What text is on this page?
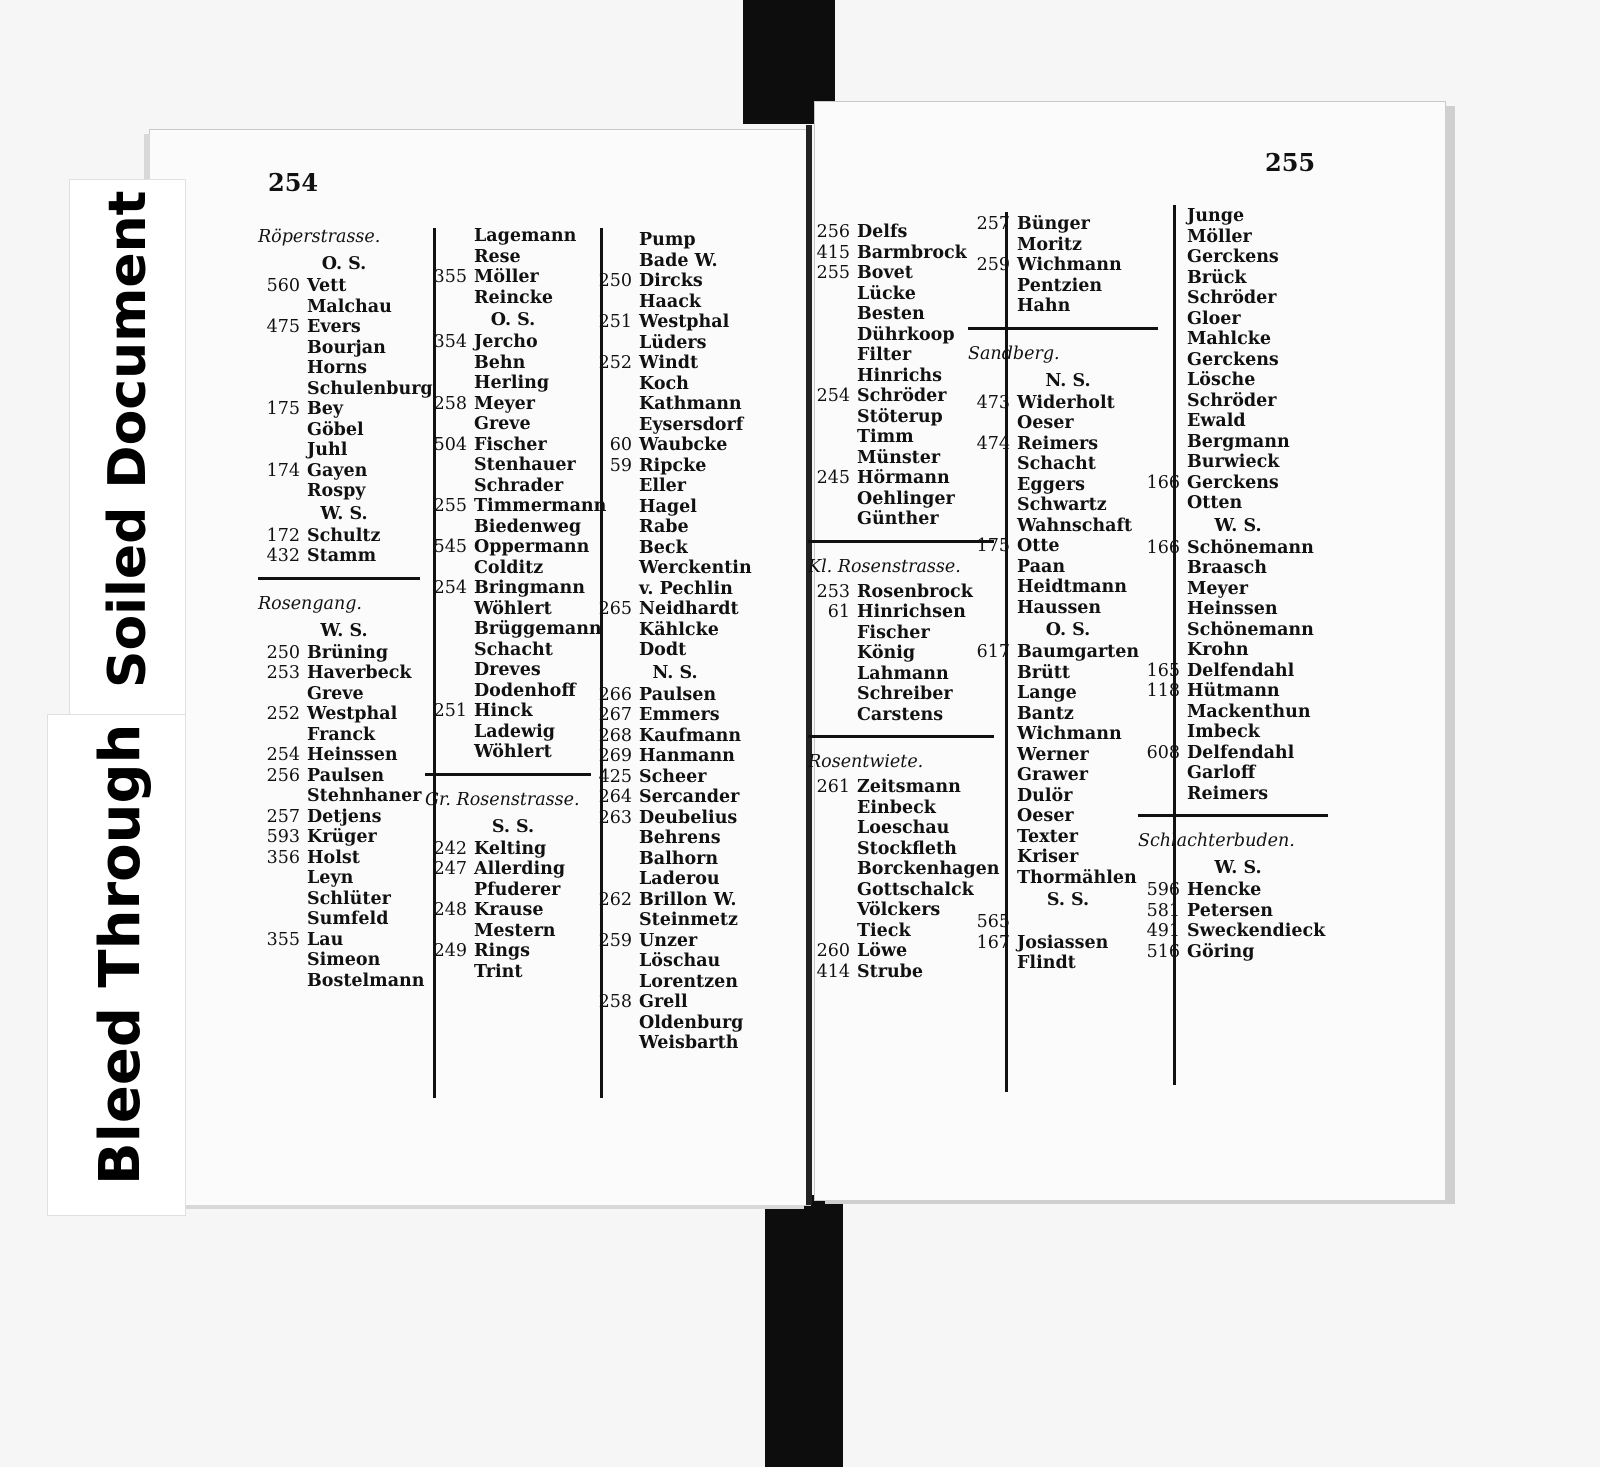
Soiled Document
Bleed Through
254
255
Röperstrasse.
O. S.
560 Vett
Malchau
475 Evers
Bourjan
Horns
Schulenburg
175 Bey
Göbel
Juhl
174 Gayen
Rospy
W. S.
172 Schultz
432 Stamm
Rosengang.
W. S.
250 Brüning
253 Haverbeck
Greve
252 Westphal
Franck
254 Heinssen
256 Paulsen
Stehnhaner
257 Detjens
593 Krüger
356 Holst
Leyn
Schlüter
Sumfeld
355 Lau
Simeon
Bostelmann
Lagemann
Rese
355 Möller
Reincke
O. S.
354 Jercho
Behn
Herling
258 Meyer
Greve
504 Fischer
Stenhauer
Schrader
255 Timmermann
Biedenweg
545 Oppermann
Colditz
254 Bringmann
Wöhlert
Brüggemann
Schacht
Dreves
Dodenhoff
251 Hinck
Ladewig
Wöhlert
Gr. Rosenstrasse.
S. S.
242 Kelting
247 Allerding
Pfuderer
248 Krause
Mestern
249 Rings
Trint
Pump
Bade W.
250 Dircks
Haack
251 Westphal
Lüders
252 Windt
Koch
Kathmann
Eysersdorf
60 Waubcke
59 Ripcke
Eller
Hagel
Rabe
Beck
Werckentin
v. Pechlin
265 Neidhardt
Kählcke
Dodt
N. S.
266 Paulsen
267 Emmers
268 Kaufmann
269 Hanmann
425 Scheer
264 Sercander
263 Deubelius
Behrens
Balhorn
Laderou
262 Brillon W.
Steinmetz
259 Unzer
Löschau
Lorentzen
258 Grell
Oldenburg
Weisbarth
256 Delfs
415 Barmbrock
255 Bovet
Lücke
Besten
Dührkoop
Filter
Hinrichs
254 Schröder
Stöterup
Timm
Münster
245 Hörmann
Oehlinger
Günther
Kl. Rosenstrasse.
253 Rosenbrock
61 Hinrichsen
Fischer
König
Lahmann
Schreiber
Carstens
Rosentwiete.
261 Zeitsmann
Einbeck
Loeschau
Stockfleth
Borckenhagen
Gottschalck
Völckers
Tieck
260 Löwe
414 Strube
257 Bünger
Moritz
259 Wichmann
Pentzien
Hahn
Sandberg.
N. S.
473 Widerholt
Oeser
474 Reimers
Schacht
Eggers
Schwartz
Wahnschaft
175 Otte
Paan
Heidtmann
Haussen
O. S.
617 Baumgarten
Brütt
Lange
Bantz
Wichmann
Werner
Grawer
Dulör
Oeser
Texter
Kriser
Thormählen
S. S.
565
167 Josiassen
Flindt
Junge
Möller
Gerckens
Brück
Schröder
Gloer
Mahlcke
Gerckens
Lösche
Schröder
Ewald
Bergmann
Burwieck
166 Gerckens
Otten
W. S.
166 Schönemann
Braasch
Meyer
Heinssen
Schönemann
Krohn
165 Delfendahl
118 Hütmann
Mackenthun
Imbeck
608 Delfendahl
Garloff
Reimers
Schlachterbuden.
W. S.
596 Hencke
581 Petersen
491 Sweckendieck
516 Göring
